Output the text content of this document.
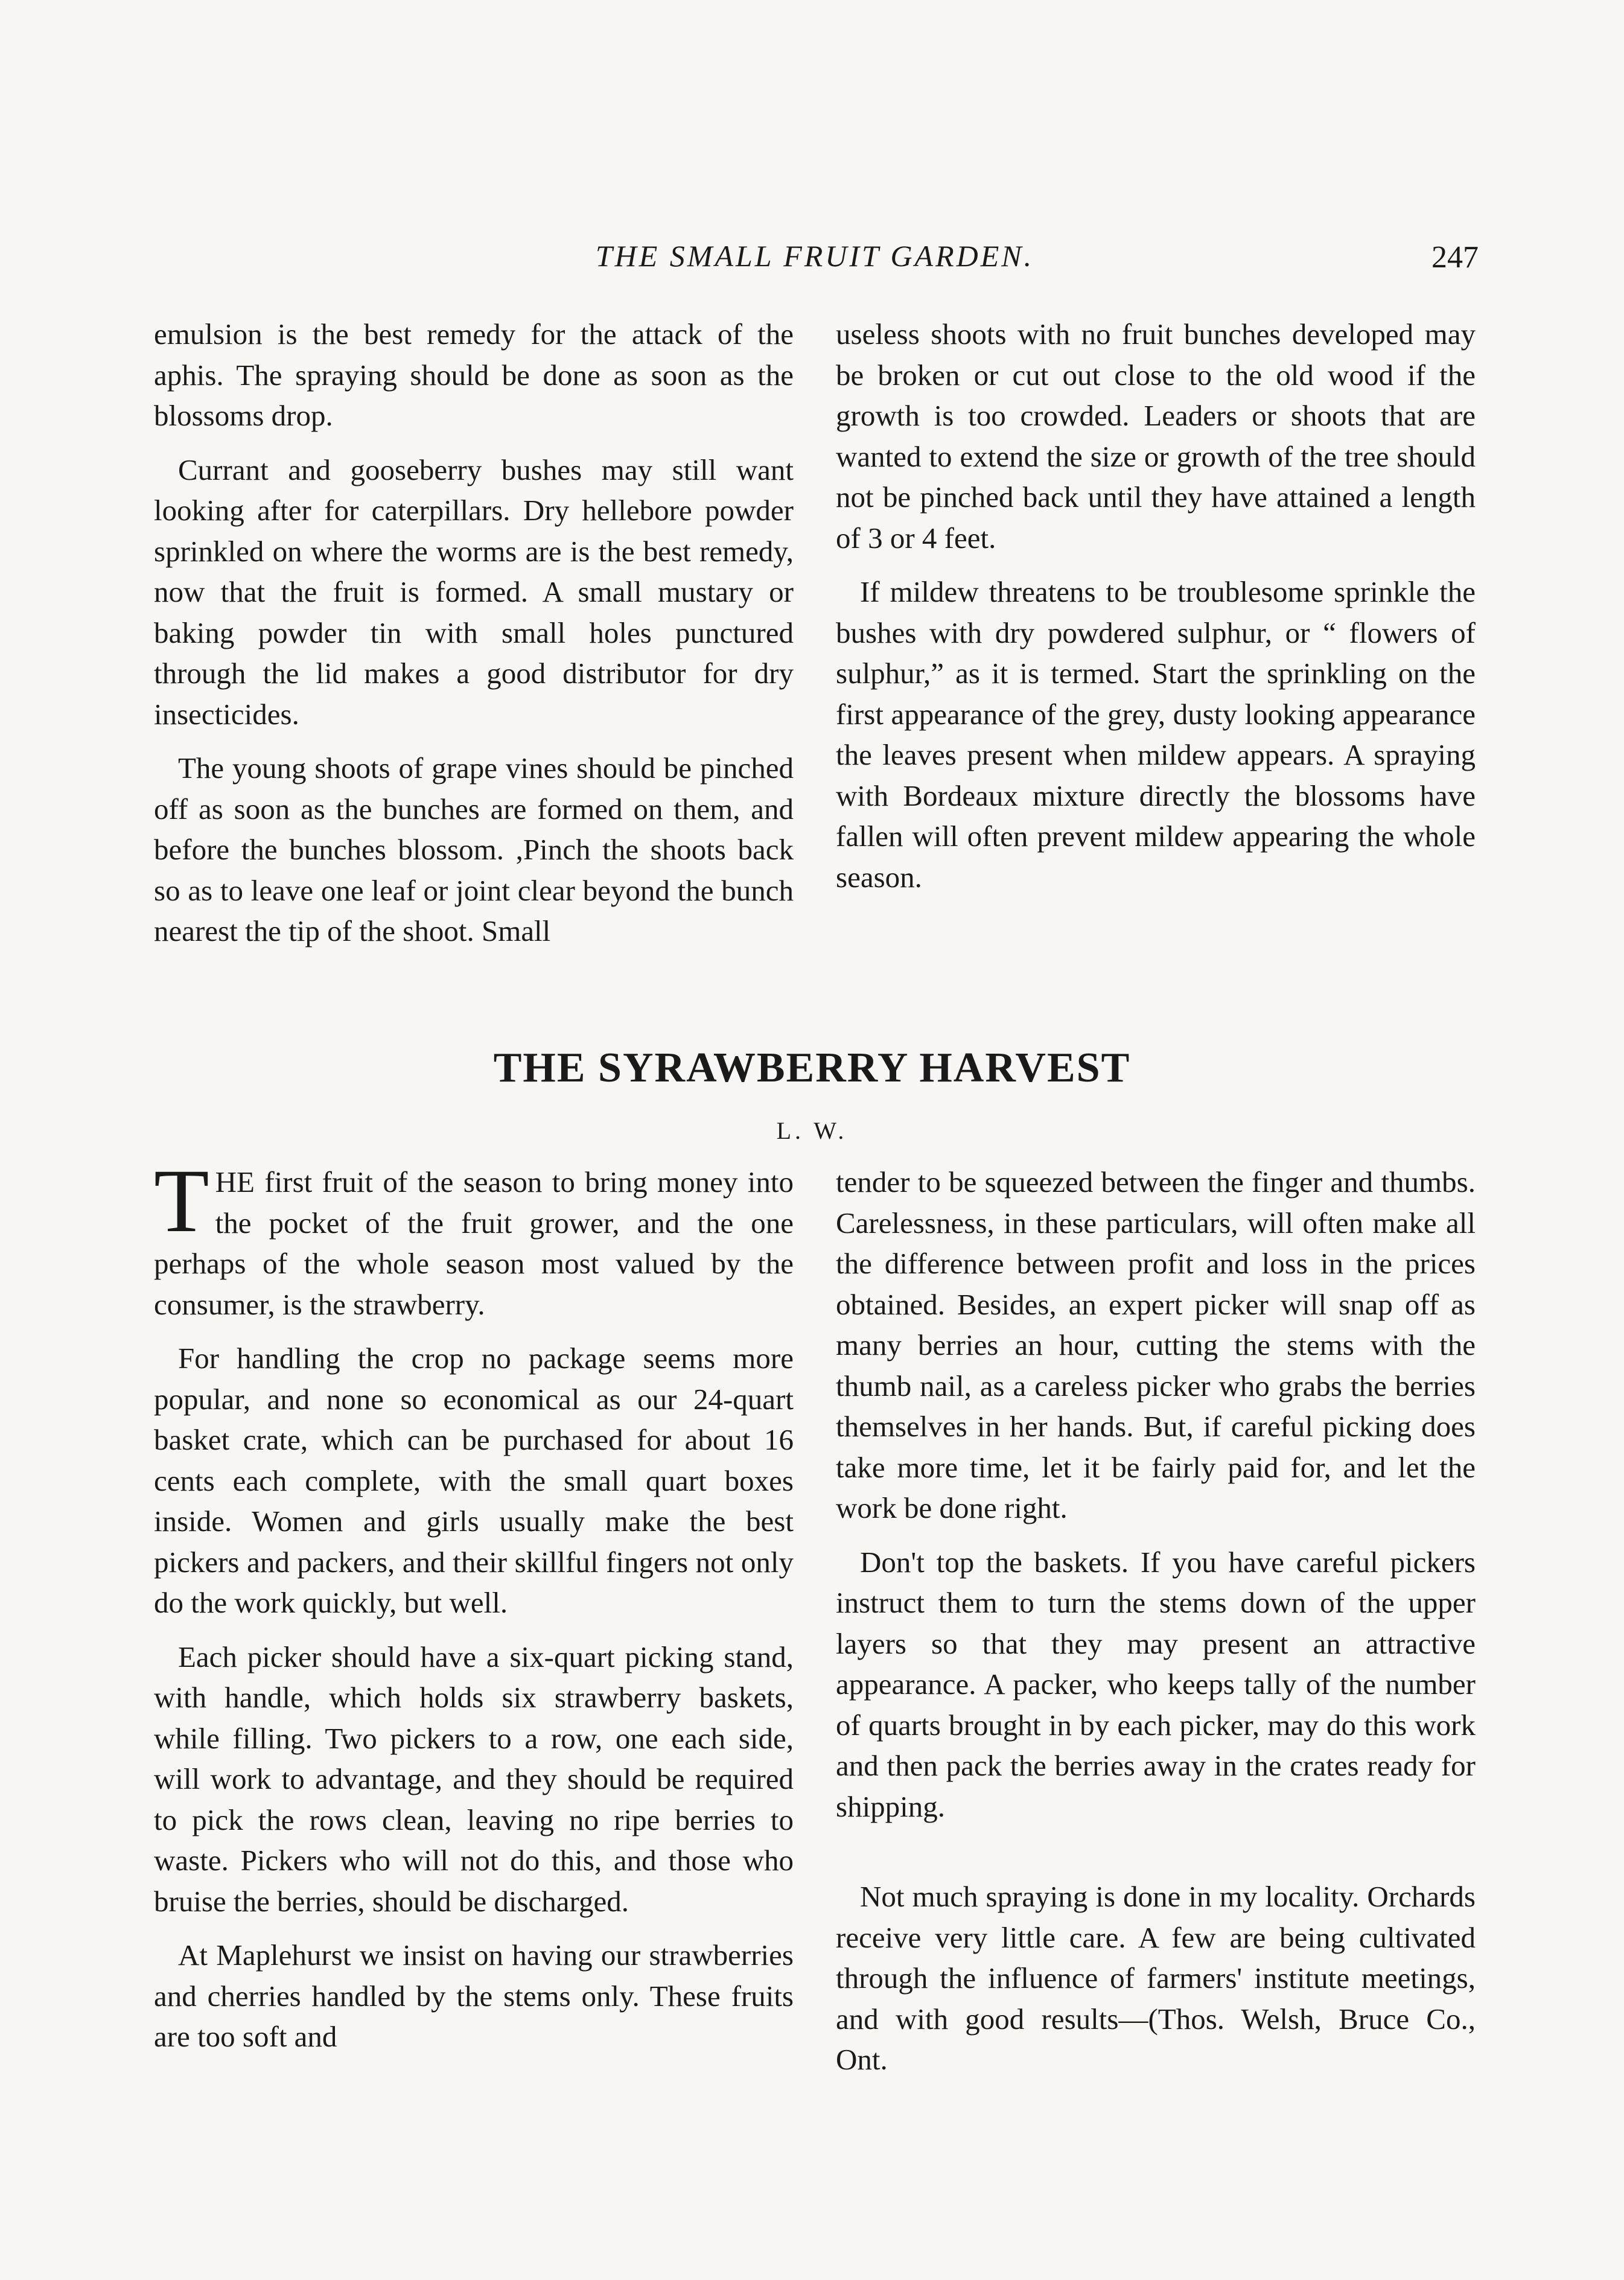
THE SMALL FRUIT GARDEN.	247

emulsion is the best remedy for the attack of the aphis. The spraying should be done as soon as the blossoms drop.

Currant and gooseberry bushes may still want looking after for caterpillars. Dry hellebore powder sprinkled on where the worms are is the best remedy, now that the fruit is formed. A small mustary or baking powder tin with small holes punctured through the lid makes a good distributor for dry insecticides.

The young shoots of grape vines should be pinched off as soon as the bunches are formed on them, and before the bunches blossom. ,Pinch the shoots back so as to leave one leaf or joint clear beyond the bunch nearest the tip of the shoot. Small

useless shoots with no fruit bunches developed may be broken or cut out close to the old wood if the growth is too crowded. Leaders or shoots that are wanted to extend the size or growth of the tree should not be pinched back until they have attained a length of 3 or 4 feet.

If mildew threatens to be troublesome sprinkle the bushes with dry powdered sulphur, or “ flowers of sulphur,” as it is termed. Start the sprinkling on the first appearance of the grey, dusty looking appearance the leaves present when mildew appears. A spraying with Bordeaux mixture directly the blossoms have fallen will often prevent mildew appearing the whole season.

THE SYRAWBERRY HARVEST
L. W.

THE first fruit of the season to bring money into the pocket of the fruit grower, and the one perhaps of the whole season most valued by the consumer, is the strawberry.

For handling the crop no package seems more popular, and none so economical as our 24-quart basket crate, which can be purchased for about 16 cents each complete, with the small quart boxes inside. Women and girls usually make the best pickers and packers, and their skillful fingers not only do the work quickly, but well.

Each picker should have a six-quart picking stand, with handle, which holds six strawberry baskets, while filling. Two pickers to a row, one each side, will work to advantage, and they should be required to pick the rows clean, leaving no ripe berries to waste. Pickers who will not do this, and those who bruise the berries, should be discharged.

At Maplehurst we insist on having our strawberries and cherries handled by the stems only. These fruits are too soft and

tender to be squeezed between the finger and thumbs. Carelessness, in these particulars, will often make all the difference between profit and loss in the prices obtained. Besides, an expert picker will snap off as many berries an hour, cutting the stems with the thumb nail, as a careless picker who grabs the berries themselves in her hands. But, if careful picking does take more time, let it be fairly paid for, and let the work be done right.

Don't top the baskets. If you have careful pickers instruct them to turn the stems down of the upper layers so that they may present an attractive appearance. A packer, who keeps tally of the number of quarts brought in by each picker, may do this work and then pack the berries away in the crates ready for shipping.

Not much spraying is done in my locality. Orchards receive very little care. A few are being cultivated through the influence of farmers' institute meetings, and with good results—(Thos. Welsh, Bruce Co., Ont.
